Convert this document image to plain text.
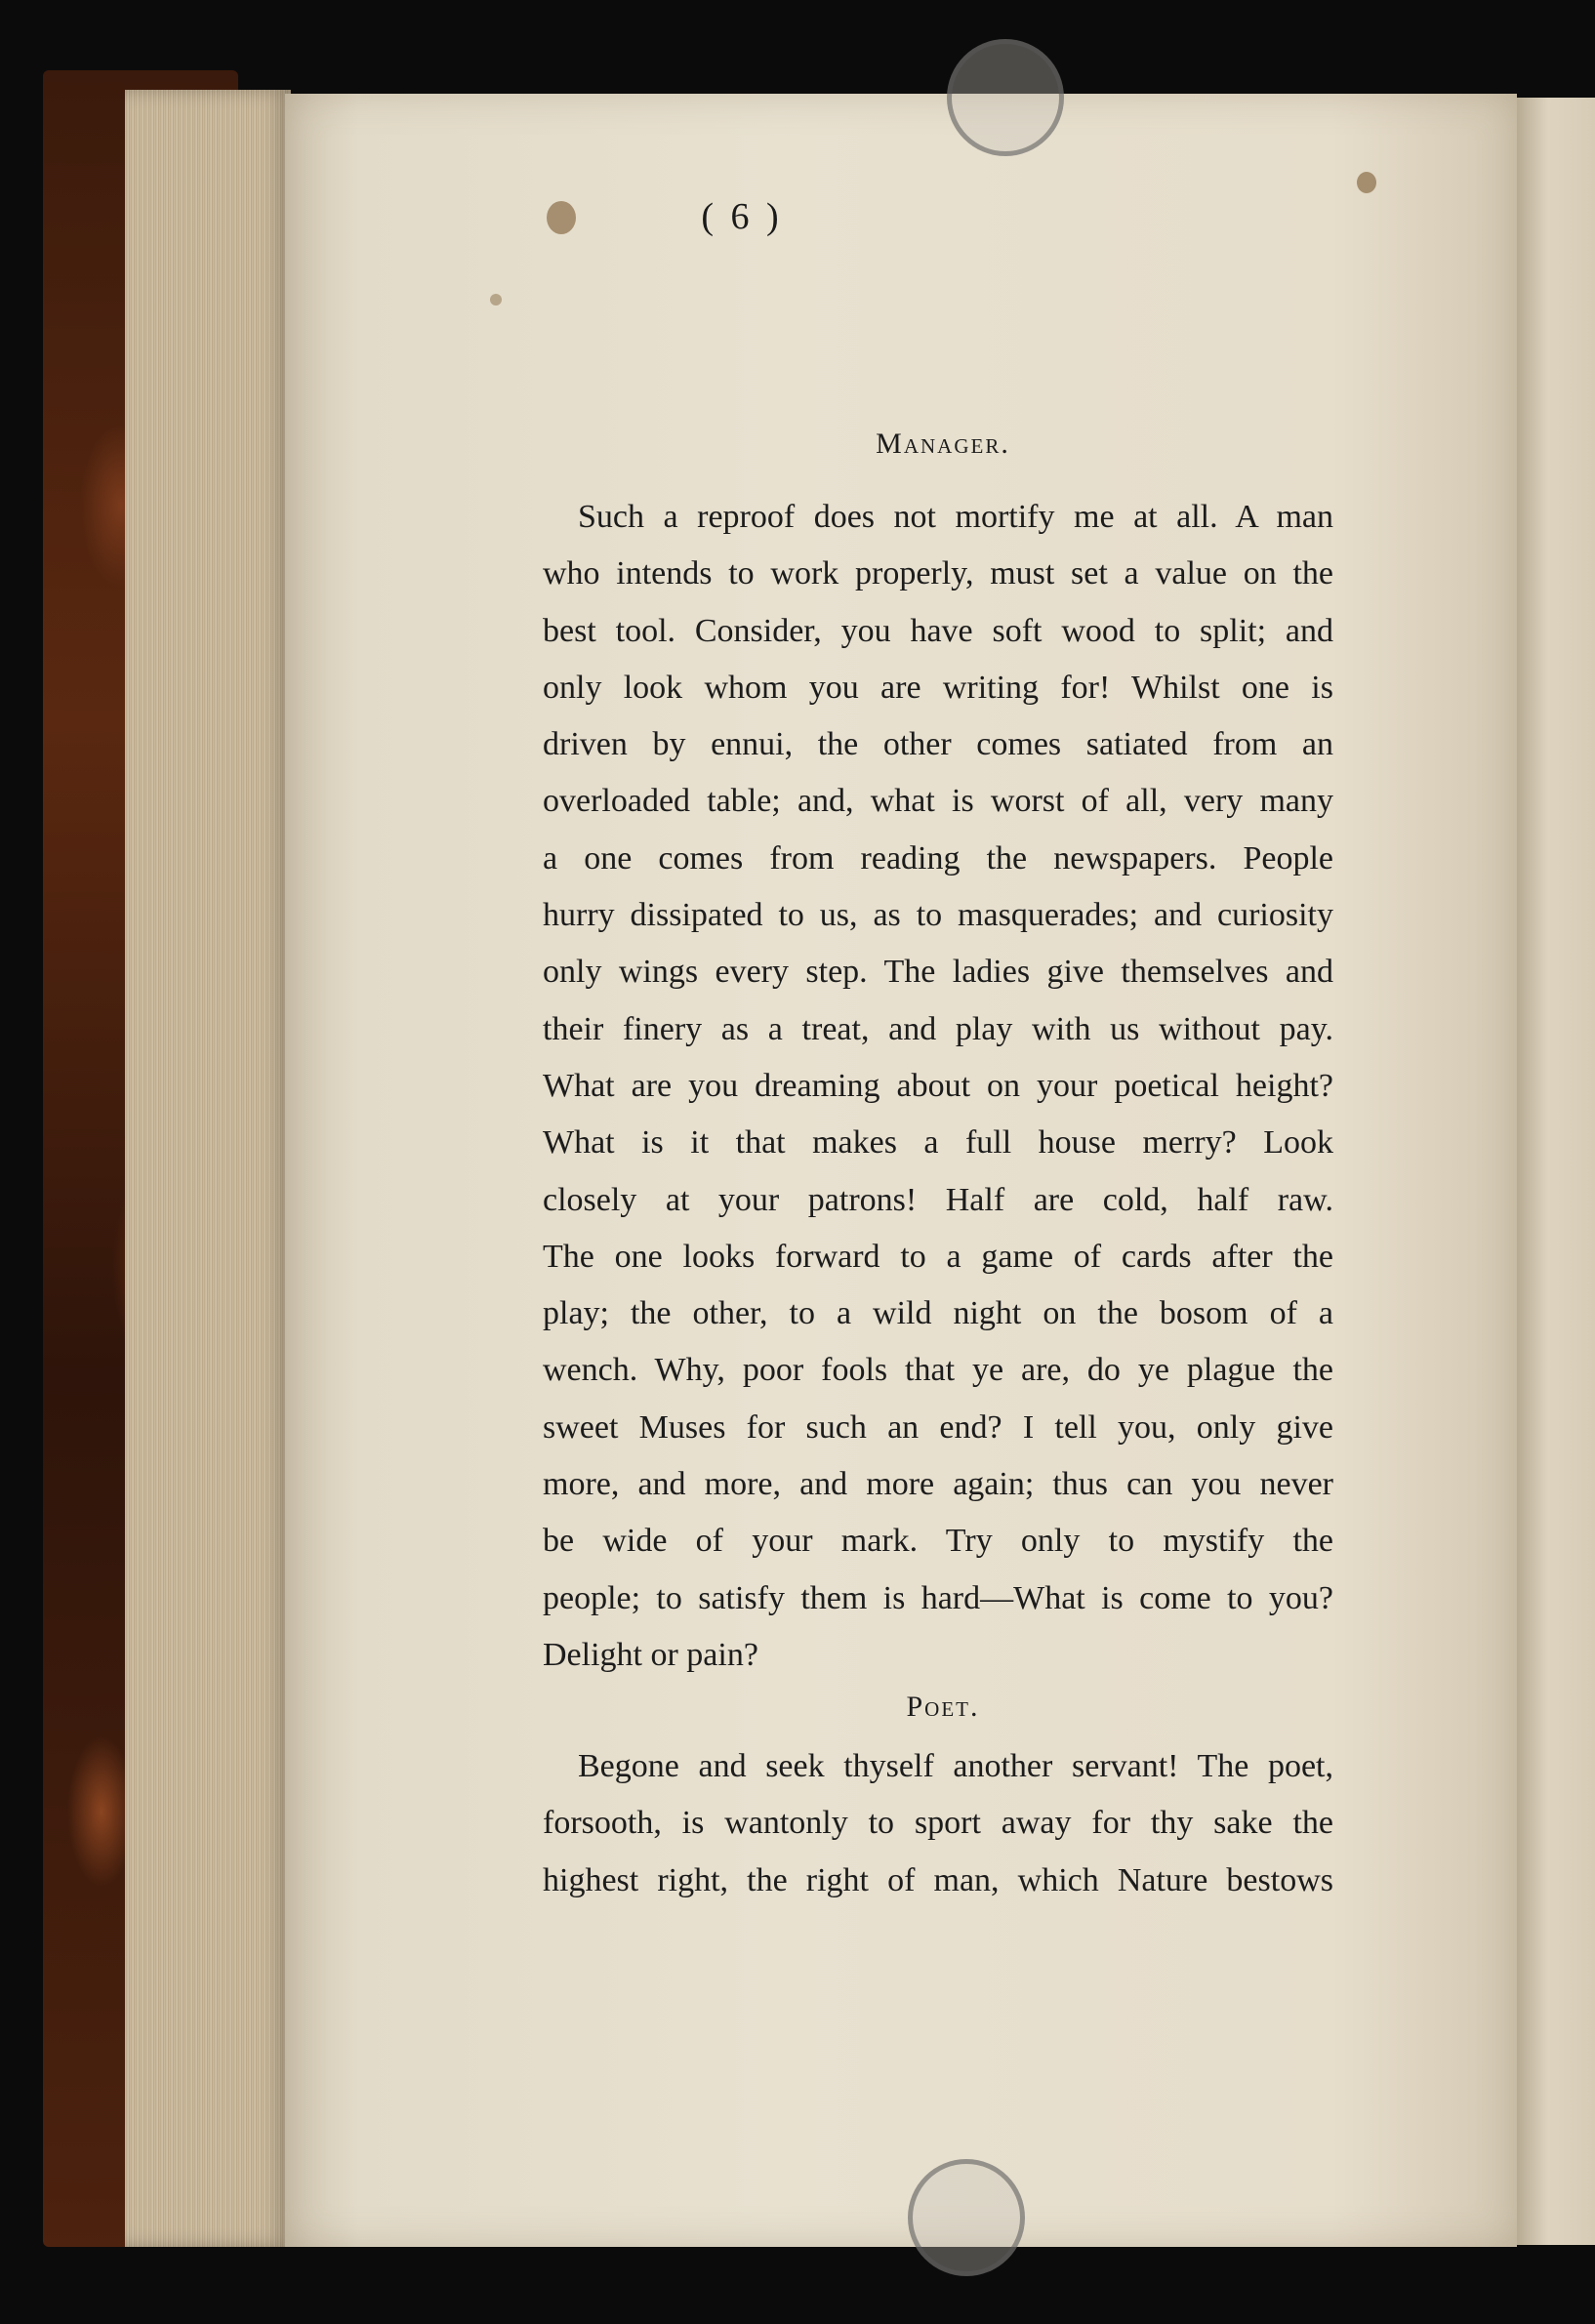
( 6 )

Manager.

Such a reproof does not mortify me at all. A man
who intends to work properly, must set a value on the
best tool. Consider, you have soft wood to split; and
only look whom you are writing for! Whilst one is
driven by ennui, the other comes satiated from an
overloaded table; and, what is worst of all, very many
a one comes from reading the newspapers. People
hurry dissipated to us, as to masquerades; and curiosity
only wings every step. The ladies give themselves and
their finery as a treat, and play with us without pay.
What are you dreaming about on your poetical height?
What is it that makes a full house merry? Look
closely at your patrons! Half are cold, half raw.
The one looks forward to a game of cards after the
play; the other, to a wild night on the bosom of a
wench. Why, poor fools that ye are, do ye plague the
sweet Muses for such an end? I tell you, only give
more, and more, and more again; thus can you never
be wide of your mark. Try only to mystify the
people; to satisfy them is hard—What is come to you?
Delight or pain?

Poet.

Begone and seek thyself another servant! The poet,
forsooth, is wantonly to sport away for thy sake the
highest right, the right of man, which Nature bestows
